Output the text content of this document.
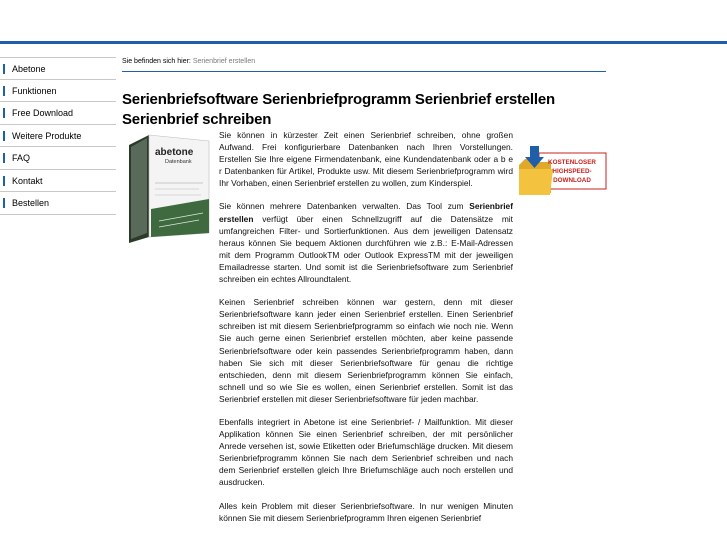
Abetone
Funktionen
Free Download
Weitere Produkte
FAQ
Kontakt
Bestellen
Sie befinden sich hier: Serienbrief erstellen
Serienbriefsoftware Serienbriefprogramm Serienbrief erstellen Serienbrief schreiben
abetone
Datenbank

Sie können in kürzester Zeit einen Serienbrief schreiben, ohne großen Aufwand. Frei konfigurierbare Datenbanken nach Ihren Vorstellungen. Erstellen Sie Ihre eigene Firmendatenbank, eine Kundendatenbank oder a b e r Datenbanken für Artikel, Produkte usw. Mit diesem Serienbriefprogramm wird Ihr Vorhaben, einen Serienbrief erstellen zu wollen, zum Kinderspiel.

Sie können mehrere Datenbanken verwalten. Das Tool zum Serienbrief erstellen verfügt über einen Schnellzugriff auf die Datensätze mit umfangreichen Filter- und Sortierfunktionen. Aus dem jeweiligen Datensatz heraus können Sie bequem Aktionen durchführen wie z.B.: E-Mail-Adressen mit dem Programm OutlookTM oder Outlook ExpressTM mit der jeweiligen Emailadresse starten. Und somit ist die Serienbriefsoftware zum Serienbrief schreiben ein echtes Allroundtalent.

Keinen Serienbrief schreiben können war gestern, denn mit dieser Serienbriefsoftware kann jeder einen Serienbrief erstellen. Einen Serienbrief schreiben ist mit diesem Serienbriefprogramm so einfach wie noch nie. Wenn Sie auch gerne einen Serienbrief erstellen möchten, aber keine passende Serienbriefsoftware oder kein passendes Serienbriefprogramm haben, dann haben Sie sich mit dieser Serienbriefsoftware für genau die richtige entschieden, denn mit diesem Serienbriefprogramm können Sie einfach, schnell und so wie Sie es wollen, einen Serienbrief erstellen. Somit ist das Serienbrief erstellen mit dieser Serienbriefsoftware für jeden machbar.

Ebenfalls integriert in Abetone ist eine Serienbrief- / Mailfunktion. Mit dieser Applikation können Sie einen Serienbrief schreiben, der mit persönlicher Anrede versehen ist, sowie Etiketten oder Briefumschläge drucken. Mit diesem Serienbriefprogramm können Sie nach dem Serienbrief schreiben und nach dem Serienbrief erstellen gleich Ihre Briefumschläge auch noch erstellen und ausdrucken.

Alles kein Problem mit dieser Serienbriefsoftware. In nur wenigen Minuten können Sie mit diesem Serienbriefprogramm Ihren eigenen Serienbrief

KOSTENLOSER
HIGHSPEED-
DOWNLOAD
